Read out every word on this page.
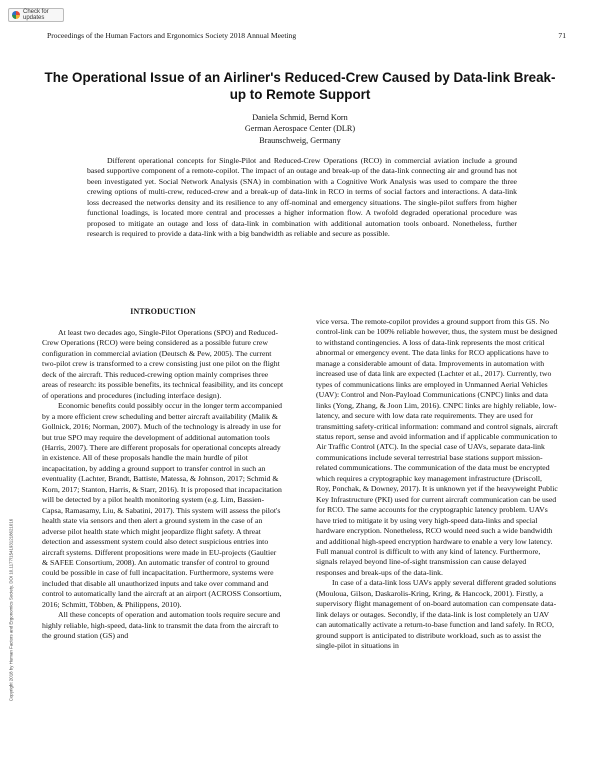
Check for updates
Proceedings of the Human Factors and Ergonomics Society 2018 Annual Meeting	71
The Operational Issue of an Airliner's Reduced-Crew Caused by Data-link Break-up to Remote Support
Daniela Schmid, Bernd Korn
German Aerospace Center (DLR)
Braunschweig, Germany

Different operational concepts for Single-Pilot and Reduced-Crew Operations (RCO) in commercial aviation include a ground based supportive component of a remote-copilot. The impact of an outage and break-up of the data-link connecting air and ground has not been investigated yet. Social Network Analysis (SNA) in combination with a Cognitive Work Analysis was used to compare the three crewing options of multi-crew, reduced-crew and a break-up of data-link in RCO in terms of social factors and interactions. A data-link loss decreased the networks density and its resilience to any off-nominal and emergency situations. The single-pilot suffers from higher functional loadings, is located more central and processes a higher information flow. A twofold degraded operational procedure was proposed to mitigate an outage and loss of data-link in combination with additional automation tools onboard. Nonetheless, further research is required to provide a data-link with a big bandwidth as reliable and secure as possible.

Copyright 2018 by Human Factors and Ergonomics Society. DOI 10.1177/1541931218621016
INTRODUCTION

At least two decades ago, Single-Pilot Operations (SPO) and Reduced-Crew Operations (RCO) were being considered as a possible future crew configuration in commercial aviation (Deutsch & Pew, 2005). The current two-pilot crew is transformed to a crew consisting just one pilot on the flight deck of the aircraft. This reduced-crewing option mainly comprises three areas of research: its possible benefits, its technical feasibility, and its concept of operations and procedures (including interface design).

Economic benefits could possibly occur in the longer term accompanied by a more efficient crew scheduling and better aircraft availability (Malik & Gollnick, 2016; Norman, 2007). Much of the technology is already in use for but true SPO may require the development of additional automation tools (Harris, 2007). There are different proposals for operational concepts already in existence. All of these proposals handle the main hurdle of pilot incapacitation, by adding a ground support to transfer control in such an eventuality (Lachter, Brandt, Battiste, Matessa, & Johnson, 2017; Schmid & Korn, 2017; Stanton, Harris, & Starr, 2016). It is proposed that incapacitation will be detected by a pilot health monitoring system (e.g. Lim, Bassien-Capsa, Ramasamy, Liu, & Sabatini, 2017). This system will assess the pilot's health state via sensors and then alert a ground system in the case of an adverse pilot health state which might jeopardize flight safety. A threat detection and assessment system could also detect suspicious entries into aircraft systems. Different propositions were made in EU-projects (Gaultier & SAFEE Consortium, 2008). An automatic transfer of control to ground could be possible in case of full incapacitation. Furthermore, systems were included that disable all unauthorized inputs and take over command and control to automatically land the aircraft at an airport (ACROSS Consortium, 2016; Schmitt, Többen, & Philippens, 2010).

All these concepts of operation and automation tools require secure and highly reliable, high-speed, data-link to transmit the data from the aircraft to the ground station (GS) and

vice versa. The remote-copilot provides a ground support from this GS. No control-link can be 100% reliable however, thus, the system must be designed to withstand contingencies. A loss of data-link represents the most critical abnormal or emergency event. The data links for RCO applications have to manage a considerable amount of data. Improvements in automation with increased use of data link are expected (Lachter et al., 2017). Currently, two types of communications links are employed in Unmanned Aerial Vehicles (UAV): Control and Non-Payload Communications (CNPC) links and data links (Yong, Zhang, & Joon Lim, 2016). CNPC links are highly reliable, low-latency, and secure with low data rate requirements. They are used for transmitting safety-critical information: command and control signals, aircraft status report, sense and avoid information and if applicable communication to Air Traffic Control (ATC). In the special case of UAVs, separate data-link communications include several terrestrial base stations support mission-related communications. The communication of the data must be encrypted which requires a cryptographic key management infrastructure (Driscoll, Roy, Ponchak, & Downey, 2017). It is unknown yet if the heavyweight Public Key Infrastructure (PKI) used for current aircraft communication can be used for RCO. The same accounts for the cryptographic latency problem. UAVs have tried to mitigate it by using very high-speed data-links and special hardware encryption. Nonetheless, RCO would need such a wide bandwidth and additional high-speed encryption hardware to enable a very low latency. Full manual control is difficult to with any kind of latency. Furthermore, signals relayed beyond line-of-sight transmission can cause delayed responses and break-ups of the data-link.

In case of a data-link loss UAVs apply several different graded solutions (Mouloua, Gilson, Daskarolis-Kring, Kring, & Hancock, 2001). Firstly, a supervisory flight management of on-board automation can compensate data-link delays or outages. Secondly, if the data-link is lost completely an UAV can automatically activate a return-to-base function and land safely. In RCO, ground support is anticipated to distribute workload, such as to assist the single-pilot in situations in
